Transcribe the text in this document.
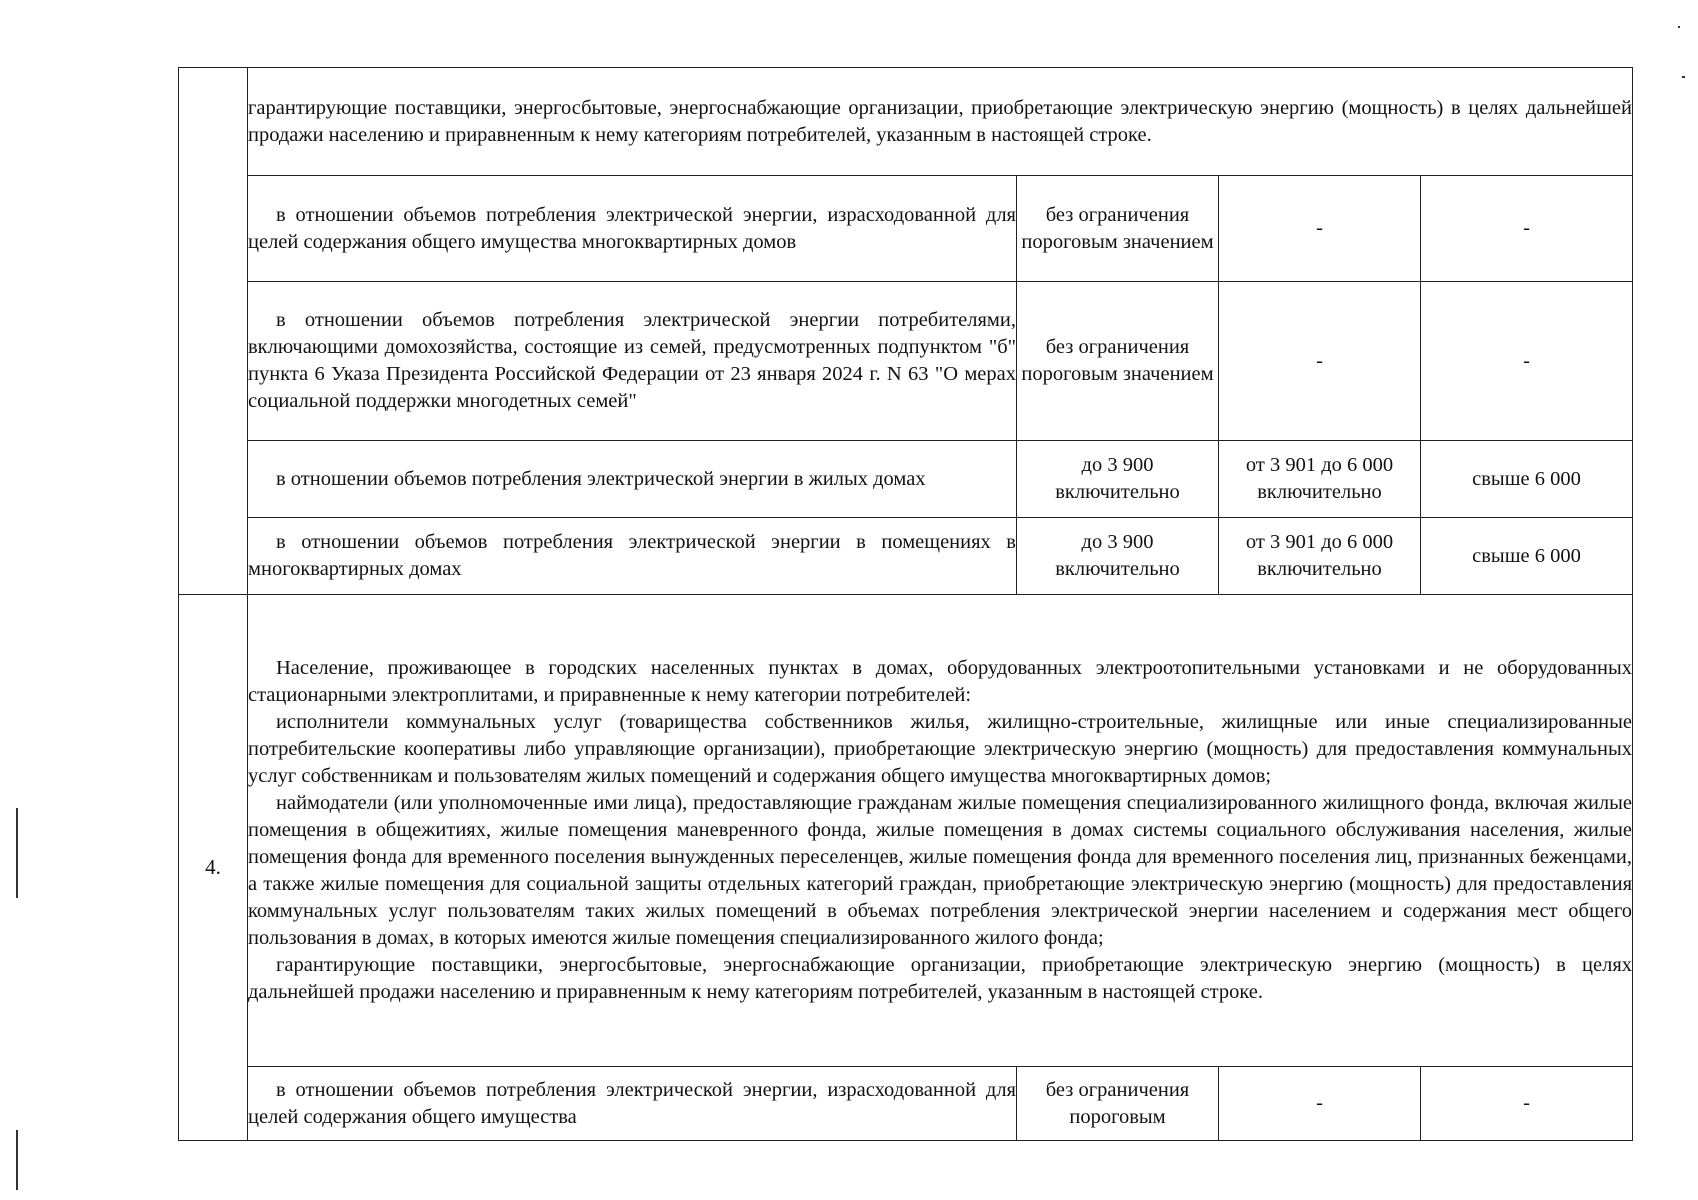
	гарантирующие поставщики, энергосбытовые, энергоснабжающие организации, приобретающие электрическую энергию (мощность) в целях дальнейшей продажи населению и приравненным к нему категориям потребителей, указанным в настоящей строке.			

	в отношении объемов потребления электрической энергии, израсходованной для целей содержания общего имущества многоквартирных домов	без ограничения пороговым значением	-	-
	в отношении объемов потребления электрической энергии потребителями, включающими домохозяйства, состоящие из семей, предусмотренных подпунктом "б" пункта 6 Указа Президента Российской Федерации от 23 января 2024 г. N 63 "О мерах социальной поддержки многодетных семей"	без ограничения пороговым значением	-	-
	в отношении объемов потребления электрической энергии в жилых домах	до 3 900 включительно	от 3 901 до 6 000 включительно	свыше 6 000
	в отношении объемов потребления электрической энергии в помещениях в многоквартирных домах	до 3 900 включительно	от 3 901 до 6 000 включительно	свыше 6 000
4.	Население, проживающее в городских населенных пунктах в домах, оборудованных электроотопительными установками и не оборудованных стационарными электроплитами, и приравненные к нему категории потребителей:

исполнители коммунальных услуг (товарищества собственников жилья, жилищно-строительные, жилищные или иные специализированные потребительские кооперативы либо управляющие организации), приобретающие электрическую энергию (мощность) для предоставления коммунальных услуг собственникам и пользователям жилых помещений и содержания общего имущества многоквартирных домов;

наймодатели (или уполномоченные ими лица), предоставляющие гражданам жилые помещения специализированного жилищного фонда, включая жилые помещения в общежитиях, жилые помещения маневренного фонда, жилые помещения в домах системы социального обслуживания населения, жилые помещения фонда для временного поселения вынужденных переселенцев, жилые помещения фонда для временного поселения лиц, признанных беженцами, а также жилые помещения для социальной защиты отдельных категорий граждан, приобретающие электрическую энергию (мощность) для предоставления коммунальных услуг пользователям таких жилых помещений в объемах потребления электрической энергии населением и содержания мест общего пользования в домах, в которых имеются жилые помещения специализированного жилого фонда;

гарантирующие поставщики, энергосбытовые, энергоснабжающие организации, приобретающие электрическую энергию (мощность) в целях дальнейшей продажи населению и приравненным к нему категориям потребителей, указанным в настоящей строке.			

	в отношении объемов потребления электрической энергии, израсходованной для целей содержания общего имущества	без ограничения пороговым	-	-
